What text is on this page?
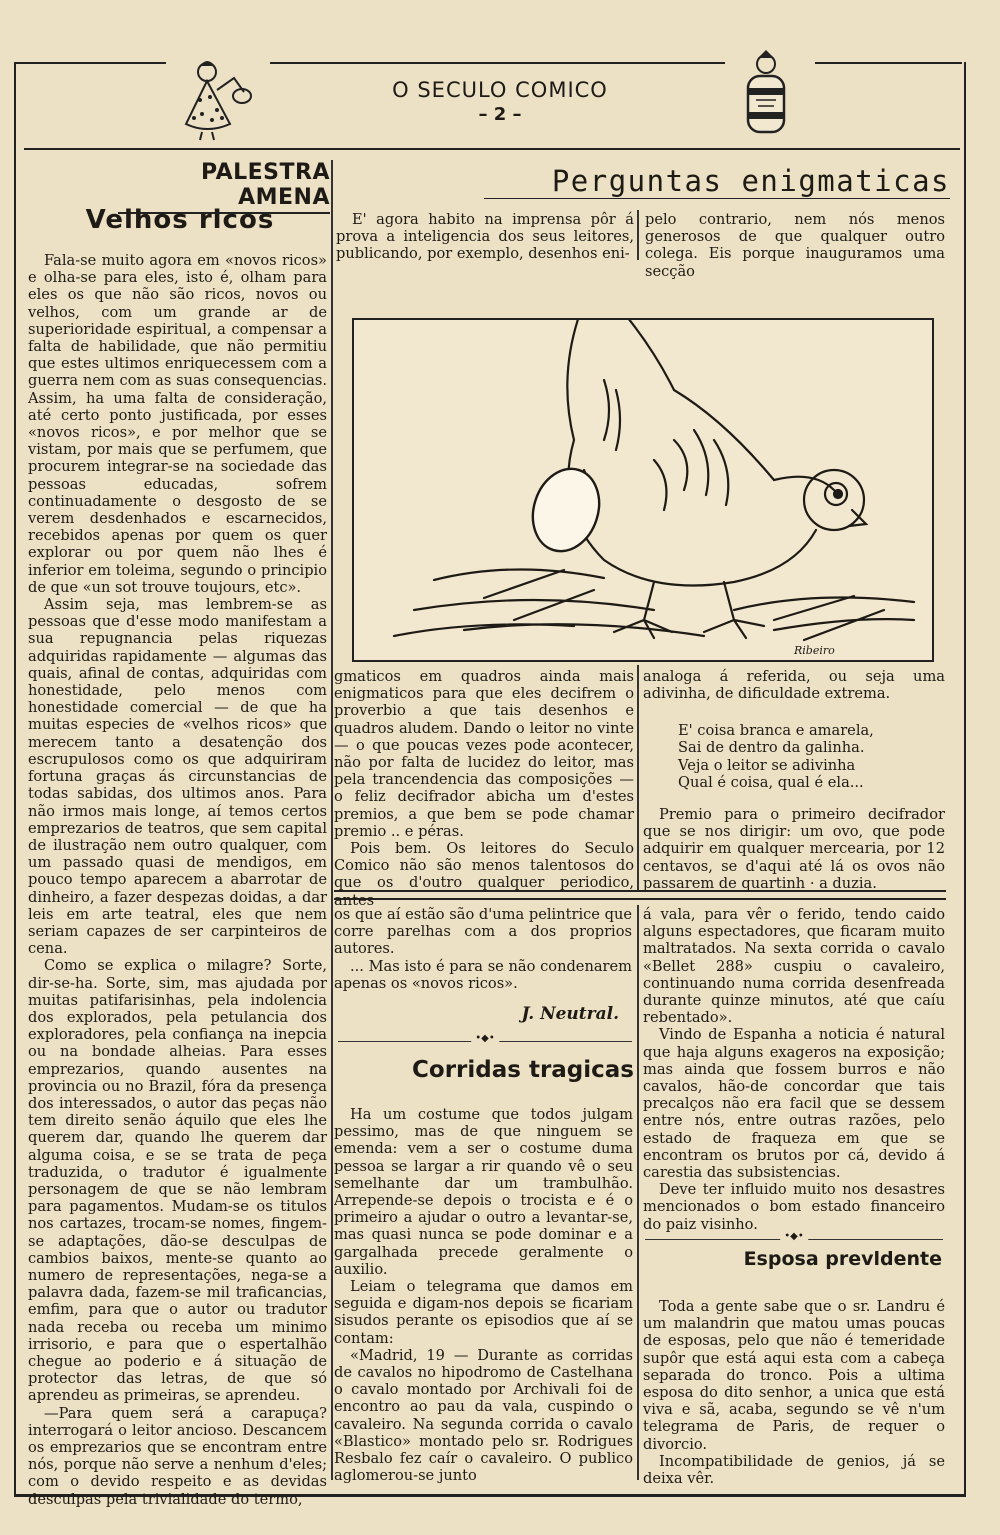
O SECULO COMICO
– 2 –
PALESTRA AMENA
Velhos ricos

Fala-se muito agora em «novos ricos» e olha-se para eles, isto é, olham para eles os que não são ricos, novos ou velhos, com um grande ar de superioridade espiritual, a compensar a falta de habilidade, que não permitiu que estes ultimos enriquecessem com a guerra nem com as suas consequencias. Assim, ha uma falta de consideração, até certo ponto justificada, por esses «novos ricos», e por melhor que se vistam, por mais que se perfumem, que procurem integrar-se na sociedade das pessoas educadas, sofrem continuadamente o desgosto de se verem desdenhados e escarnecidos, recebidos apenas por quem os quer explorar ou por quem não lhes é inferior em toleima, segundo o principio de que «un sot trouve toujours, etc».

Assim seja, mas lembrem-se as pessoas que d'esse modo manifestam a sua repugnancia pelas riquezas adquiridas rapidamente — algumas das quais, afinal de contas, adquiridas com honestidade, pelo menos com honestidade comercial — de que ha muitas especies de «velhos ricos» que merecem tanto a desatenção dos escrupulosos como os que adquiriram fortuna graças ás circunstancias de todas sabidas, dos ultimos anos. Para não irmos mais longe, aí temos certos emprezarios de teatros, que sem capital de ilustração nem outro qualquer, com um passado quasi de mendigos, em pouco tempo aparecem a abarrotar de dinheiro, a fazer despezas doidas, a dar leis em arte teatral, eles que nem seriam capazes de ser carpinteiros de cena.

Como se explica o milagre? Sorte, dir-se-ha. Sorte, sim, mas ajudada por muitas patifarisinhas, pela indolencia dos explorados, pela petulancia dos exploradores, pela confiança na inepcia ou na bondade alheias. Para esses emprezarios, quando ausentes na provincia ou no Brazil, fóra da presença dos interessados, o autor das peças não tem direito senão áquilo que eles lhe querem dar, quando lhe querem dar alguma coisa, e se se trata de peça traduzida, o tradutor é igualmente personagem de que se não lembram para pagamentos. Mudam-se os titulos nos cartazes, trocam-se nomes, fingem-se adaptações, dão-se desculpas de cambios baixos, mente-se quanto ao numero de representações, nega-se a palavra dada, fazem-se mil traficancias, emfim, para que o autor ou tradutor nada receba ou receba um minimo irrisorio, e para que o espertalhão chegue ao poderio e á situação de protector das letras, de que só aprendeu as primeiras, se aprendeu.

—Para quem será a carapuça? interrogará o leitor ancioso. Descancem os emprezarios que se encontram entre nós, porque não serve a nenhum d'eles; com o devido respeito e as devidas desculpas pela trivialidade do termo,

os que aí estão são d'uma pelintrice que corre parelhas com a dos proprios autores.

... Mas isto é para se não condenarem apenas os «novos ricos».

J. Neutral.
•◆•
Perguntas enigmaticas

E' agora habito na imprensa pôr á prova a inteligencia dos seus leitores, publicando, por exemplo, desenhos eni-

pelo contrario, nem nós menos generosos de que qualquer outro colega. Eis porque inauguramos uma secção

Ribeiro

gmaticos em quadros ainda mais enigmaticos para que eles decifrem o proverbio a que tais desenhos e quadros aludem. Dando o leitor no vinte — o que poucas vezes pode acontecer, não por falta de lucidez do leitor, mas pela trancendencia das composições — o feliz decifrador abicha um d'estes premios, a que bem se pode chamar premio .. e péras.

Pois bem. Os leitores do Seculo Comico não são menos talentosos do que os d'outro qualquer periodico, antes

analoga á referida, ou seja uma adivinha, de dificuldade extrema.

E' coisa branca e amarela,
Sai de dentro da galinha.
Veja o leitor se adivinha
Qual é coisa, qual é ela...

Premio para o primeiro decifrador que se nos dirigir: um ovo, que pode adquirir em qualquer mercearia, por 12 centavos, se d'aqui até lá os ovos não passarem de quartinh · a duzia.

Corridas tragicas

Ha um costume que todos julgam pessimo, mas de que ninguem se emenda: vem a ser o costume duma pessoa se largar a rir quando vê o seu semelhante dar um trambulhão. Arrepende-se depois o trocista e é o primeiro a ajudar o outro a levantar-se, mas quasi nunca se pode dominar e a gargalhada precede geralmente o auxilio.

Leiam o telegrama que damos em seguida e digam-nos depois se ficariam sisudos perante os episodios que aí se contam:

«Madrid, 19 — Durante as corridas de cavalos no hipodromo de Castelhana o cavalo montado por Archivali foi de encontro ao pau da vala, cuspindo o cavaleiro. Na segunda corrida o cavalo «Blastico» montado pelo sr. Rodrigues Resbalo fez caír o cavaleiro. O publico aglomerou-se junto

á vala, para vêr o ferido, tendo caido alguns espectadores, que ficaram muito maltratados. Na sexta corrida o cavalo «Bellet 288» cuspiu o cavaleiro, continuando numa corrida desenfreada durante quinze minutos, até que caíu rebentado».

Vindo de Espanha a noticia é natural que haja alguns exageros na exposição; mas ainda que fossem burros e não cavalos, hão-de concordar que tais precalços não era facil que se dessem entre nós, entre outras razões, pelo estado de fraqueza em que se encontram os brutos por cá, devido á carestia das subsistencias.

Deve ter influido muito nos desastres mencionados o bom estado financeiro do paiz visinho.

•◆•
Esposa prevldente

Toda a gente sabe que o sr. Landru é um malandrin que matou umas poucas de esposas, pelo que não é temeridade supôr que está aqui esta com a cabeça separada do tronco. Pois a ultima esposa do dito senhor, a unica que está viva e sã, acaba, segundo se vê n'um telegrama de Paris, de requer o divorcio.

Incompatibilidade de genios, já se deixa vêr.
